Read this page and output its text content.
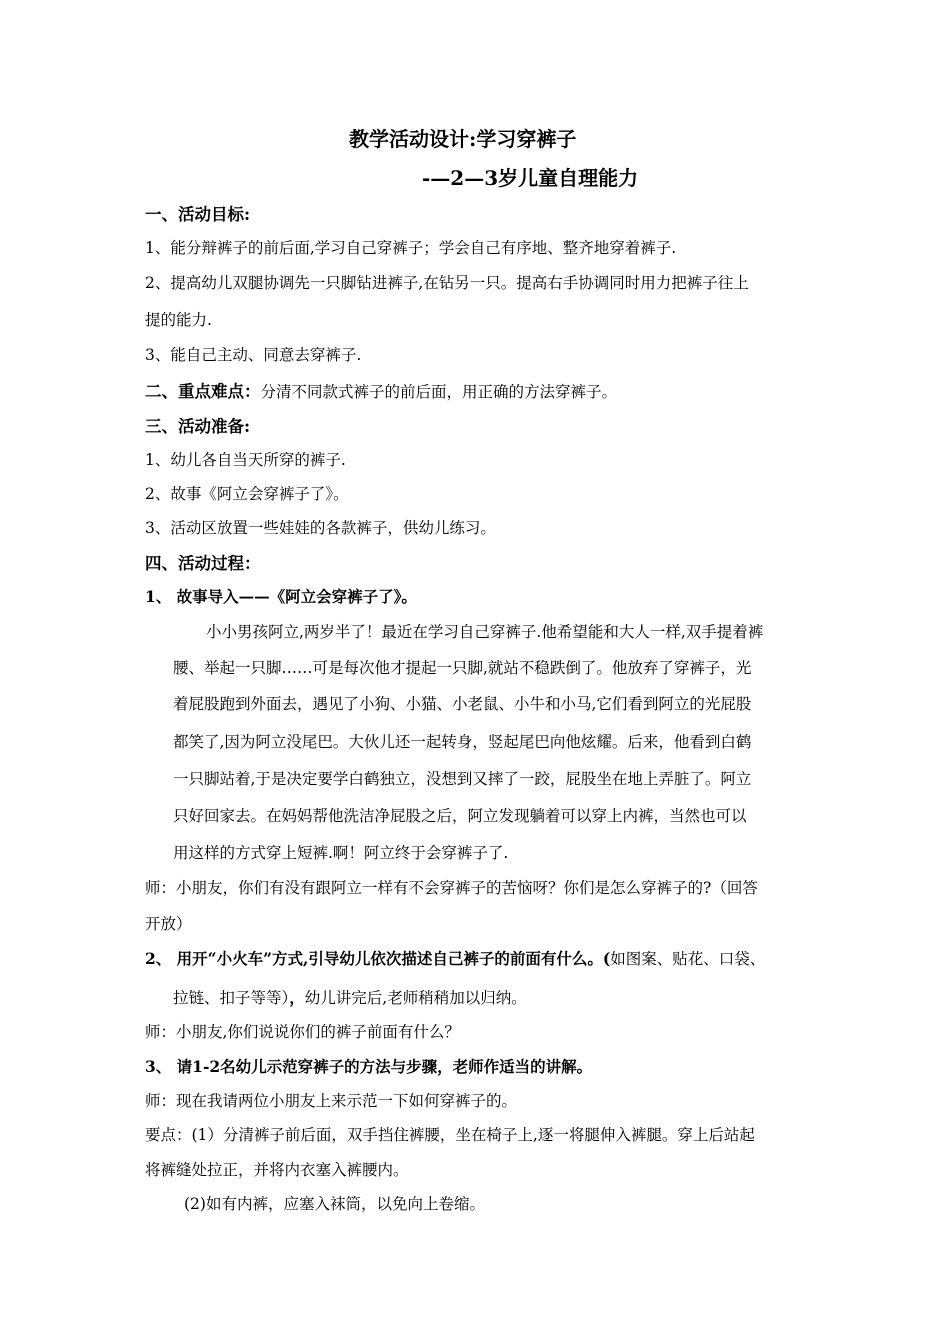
教学活动设计:学习穿裤子
-—2—3岁儿童自理能力
一、活动目标:
1、能分辩裤子的前后面,学习自己穿裤子；学会自己有序地、整齐地穿着裤子.
2、提高幼儿双腿协调先一只脚钻进裤子,在钻另一只。提高右手协调同时用力把裤子往上
提的能力.
3、能自己主动、同意去穿裤子.
二、重点难点：分清不同款式裤子的前后面，用正确的方法穿裤子。
三、活动准备:
1、幼儿各自当天所穿的裤子.
2、故事《阿立会穿裤子了》。
3、活动区放置一些娃娃的各款裤子，供幼儿练习。
四、活动过程：
1、 故事导入——《阿立会穿裤子了》。
小小男孩阿立,两岁半了！最近在学习自己穿裤子.他希望能和大人一样,双手提着裤
腰、举起一只脚……可是每次他才提起一只脚,就站不稳跌倒了。他放弃了穿裤子，光
着屁股跑到外面去，遇见了小狗、小猫、小老鼠、小牛和小马,它们看到阿立的光屁股
都笑了,因为阿立没尾巴。大伙儿还一起转身，竖起尾巴向他炫耀。后来，他看到白鹤
一只脚站着,于是决定要学白鹤独立，没想到又摔了一跤，屁股坐在地上弄脏了。阿立
只好回家去。在妈妈帮他洗洁净屁股之后，阿立发现躺着可以穿上内裤，当然也可以
用这样的方式穿上短裤.啊！阿立终于会穿裤子了.
师：小朋友，你们有没有跟阿立一样有不会穿裤子的苦恼呀？你们是怎么穿裤子的?（回答
开放）
2、 用开“小火车”方式,引导幼儿依次描述自己裤子的前面有什么。(如图案、贴花、口袋、
拉链、扣子等等），幼儿讲完后,老师稍稍加以归纳。
师：小朋友,你们说说你们的裤子前面有什么？
3、 请1-2名幼儿示范穿裤子的方法与步骤，老师作适当的讲解。
师：现在我请两位小朋友上来示范一下如何穿裤子的。
要点：(1）分清裤子前后面，双手挡住裤腰，坐在椅子上,逐一将腿伸入裤腿。穿上后站起
将裤缝处拉正，并将内衣塞入裤腰内。
(2)如有内裤，应塞入袜筒，以免向上卷缩。
